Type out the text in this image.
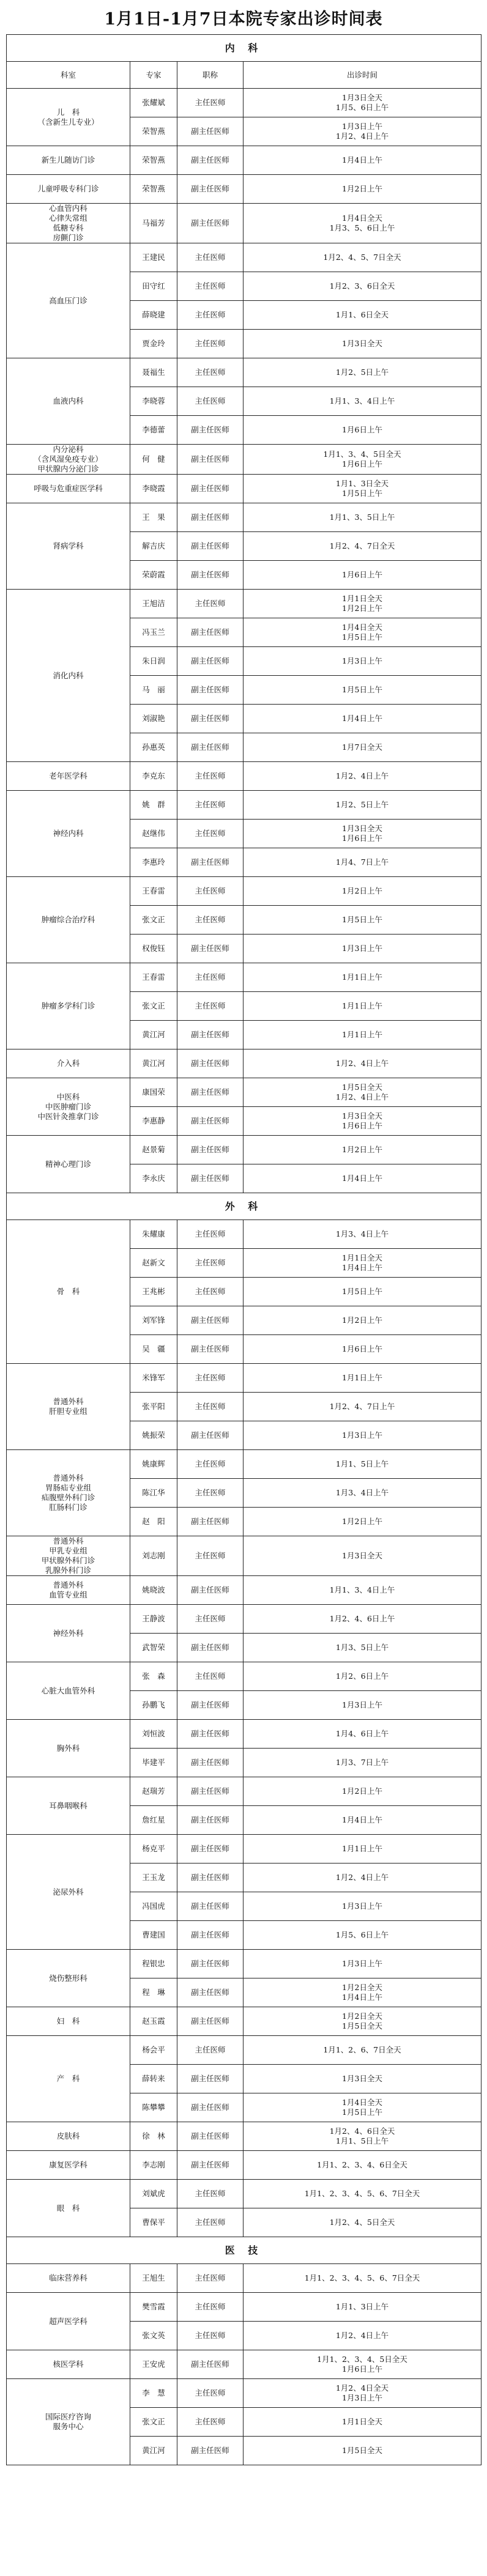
1月1日-1月7日本院专家出诊时间表
内 科			
科室	专家	职称	出诊时间

儿　科
（含新生儿专业）	张耀斌	主任医师	1月3日全天
1月5、6日上午

	荣智燕	副主任医师	1月3日上午
1月2、4日上午

新生儿随访门诊	荣智燕	副主任医师	1月4日上午

儿童呼吸专科门诊	荣智燕	副主任医师	1月2日上午

心血管内科
心律失常组
低糖专科
房颤门诊	马福芳	副主任医师	1月4日全天
1月3、5、6日上午

高血压门诊	王建民	主任医师	1月2、4、5、7日全天

	田守红	主任医师	1月2、3、6日全天

	薛晓建	主任医师	1月1、6日全天

	贾金玲	主任医师	1月3日全天

血液内科	聂福生	主任医师	1月2、5日上午

	李晓蓉	主任医师	1月1、3、4日上午

	李德蕾	副主任医师	1月6日上午

内分泌科
（含风湿免疫专业）
甲状腺内分泌门诊	何　健	副主任医师	1月1、3、4、5日全天
1月6日上午

呼吸与危重症医学科	李晓霞	副主任医师	1月1、3日全天
1月5日上午

肾病学科	王　果	副主任医师	1月1、3、5日上午

	解吉庆	副主任医师	1月2、4、7日全天

	荣蔚霞	副主任医师	1月6日上午

消化内科	王旭洁	主任医师	1月1日全天
1月2日上午

	冯玉兰	副主任医师	1月4日全天
1月5日上午

	朱日润	副主任医师	1月3日上午

	马　丽	副主任医师	1月5日上午

	刘淑艳	副主任医师	1月4日上午

	孙惠英	副主任医师	1月7日全天

老年医学科	李克东	主任医师	1月2、4日上午

神经内科	姚　群	主任医师	1月2、5日上午

	赵继伟	主任医师	1月3日全天
1月6日上午

	李惠玲	副主任医师	1月4、7日上午

肿瘤综合治疗科	王春雷	主任医师	1月2日上午

	张文正	主任医师	1月5日上午

	权俊钰	副主任医师	1月3日上午

肿瘤多学科门诊	王春雷	主任医师	1月1日上午

	张文正	主任医师	1月1日上午

	黄江河	副主任医师	1月1日上午

介入科	黄江河	副主任医师	1月2、4日上午

中医科
中医肿瘤门诊
中医针灸推拿门诊	康国荣	副主任医师	1月5日全天
1月2、4日上午

	李惠静	副主任医师	1月3日全天
1月6日上午

精神心理门诊	赵景菊	副主任医师	1月2日上午

	李永庆	副主任医师	1月4日上午

外 科			

骨　科	朱耀康	主任医师	1月3、4日上午

	赵新文	主任医师	1月1日全天
1月4日上午

	王兆彬	主任医师	1月5日上午

	刘军锋	副主任医师	1月2日上午

	吴　疆	副主任医师	1月6日上午

普通外科
肝胆专业组	米锋军	主任医师	1月1日上午

	张平阳	主任医师	1月2、4、7日上午

	姚振荣	副主任医师	1月3日上午

普通外科
胃肠疝专业组
疝腹壁外科门诊
肛肠科门诊	姚康辉	主任医师	1月1、5日上午

	陈江华	主任医师	1月3、4日上午

	赵　阳	副主任医师	1月2日上午

普通外科
甲乳专业组
甲状腺外科门诊
乳腺外科门诊	刘志刚	主任医师	1月3日全天

普通外科
血管专业组	姚晓波	副主任医师	1月1、3、4日上午

神经外科	王静波	主任医师	1月2、4、6日上午

	武智荣	副主任医师	1月3、5日上午

心脏大血管外科	张　森	主任医师	1月2、6日上午

	孙鹏飞	副主任医师	1月3日上午

胸外科	刘恒波	副主任医师	1月4、6日上午

	毕建平	副主任医师	1月3、7日上午

耳鼻咽喉科	赵瑞芳	副主任医师	1月2日上午

	詹红星	副主任医师	1月4日上午

泌尿外科	杨克平	副主任医师	1月1日上午

	王玉龙	副主任医师	1月2、4日上午

	冯国虎	副主任医师	1月3日上午

	曹建国	副主任医师	1月5、6日上午

烧伤整形科	程银忠	副主任医师	1月3日上午

	程　琳	副主任医师	1月2日全天
1月4日上午

妇　科	赵玉霞	副主任医师	1月2日全天
1月5日全天

产　科	杨会平	主任医师	1月1、2、6、7日全天

	薛转来	副主任医师	1月3日全天

	陈攀攀	副主任医师	1月4日全天
1月5日上午

皮肤科	徐　林	副主任医师	1月2、4、6日全天
1月1、5日上午

康复医学科	李志刚	副主任医师	1月1、2、3、4、6日全天

眼　科	刘斌虎	主任医师	1月1、2、3、4、5、6、7日全天

	曹保平	主任医师	1月2、4、5日全天

医 技			

临床营养科	王旭生	主任医师	1月1、2、3、4、5、6、7日全天

超声医学科	樊雪霞	主任医师	1月1、3日上午

	张文英	主任医师	1月2、4日上午

核医学科	王安虎	副主任医师	1月1、2、3、4、5日全天
1月6日上午

国际医疗咨询
服务中心	李　慧	主任医师	1月2、4日全天
1月3日上午

	张文正	主任医师	1月1日全天

	黄江河	副主任医师	1月5日全天
